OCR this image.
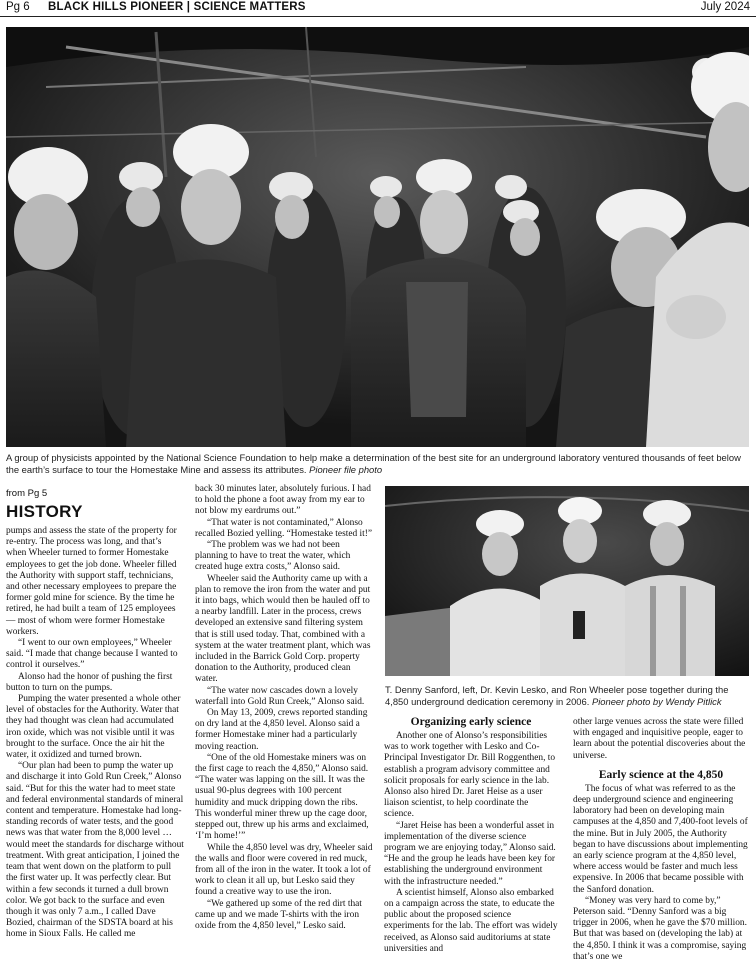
Pg 6 BLACK HILLS PIONEER | SCIENCE MATTERS	July 2024
A group of physicists appointed by the National Science Foundation to help make a determination of the best site for an underground laboratory ventured thousands of feet below the earth’s surface to tour the Homestake Mine and assess its attributes. Pioneer file photo

from Pg 5

HISTORY

pumps and assess the state of the property for re-entry. The process was long, and that’s when Wheeler turned to former Homestake employees to get the job done. Wheeler filled the Authority with support staff, technicians, and other necessary employees to prepare the former gold mine for science. By the time he retired, he had built a team of 125 employees — most of whom were former Homestake workers.

“I went to our own employees,” Wheeler said. “I made that change because I wanted to control it ourselves.”

Alonso had the honor of pushing the first button to turn on the pumps.

Pumping the water presented a whole other level of obstacles for the Authority. Water that they had thought was clean had accumulated iron oxide, which was not visible until it was brought to the surface. Once the air hit the water, it oxidized and turned brown.

“Our plan had been to pump the water up and discharge it into Gold Run Creek,” Alonso said. “But for this the water had to meet state and federal environmental standards of mineral content and temperature. Homestake had long-standing records of water tests, and the good news was that water from the 8,000 level … would meet the standards for discharge without treatment. With great anticipation, I joined the team that went down on the platform to pull the first water up. It was perfectly clear. But within a few seconds it turned a dull brown color. We got back to the surface and even though it was only 7 a.m., I called Dave Bozied, chairman of the SDSTA board at his home in Sioux Falls. He called me

back 30 minutes later, absolutely furious. I had to hold the phone a foot away from my ear to not blow my eardrums out.”

“That water is not contaminated,” Alonso recalled Bozied yelling. “Homestake tested it!”

“The problem was we had not been planning to have to treat the water, which created huge extra costs,” Alonso said.

Wheeler said the Authority came up with a plan to remove the iron from the water and put it into bags, which would then be hauled off to a nearby landfill. Later in the process, crews developed an extensive sand filtering system that is still used today. That, combined with a system at the water treatment plant, which was included in the Barrick Gold Corp. property donation to the Authority, produced clean water.

“The water now cascades down a lovely waterfall into Gold Run Creek,” Alonso said.

On May 13, 2009, crews reported standing on dry land at the 4,850 level. Alonso said a former Homestake miner had a particularly moving reaction.

“One of the old Homestake miners was on the first cage to reach the 4,850,” Alonso said. “The water was lapping on the sill. It was the usual 90-plus degrees with 100 percent humidity and muck dripping down the ribs. This wonderful miner threw up the cage door, stepped out, threw up his arms and exclaimed, ‘I’m home!’”

While the 4,850 level was dry, Wheeler said the walls and floor were covered in red muck, from all of the iron in the water. It took a lot of work to clean it all up, but Lesko said they found a creative way to use the iron.

“We gathered up some of the red dirt that came up and we made T-shirts with the iron oxide from the 4,850 level,” Lesko said.

T. Denny Sanford, left, Dr. Kevin Lesko, and Ron Wheeler pose together during the 4,850 underground dedication ceremony in 2006. Pioneer photo by Wendy Pitlick
Organizing early science

Another one of Alonso’s responsibilities was to work together with Lesko and Co-Principal Investigator Dr. Bill Roggenthen, to establish a program advisory committee and solicit proposals for early science in the lab. Alonso also hired Dr. Jaret Heise as a user liaison scientist, to help coordinate the science.

“Jaret Heise has been a wonderful asset in implementation of the diverse science program we are enjoying today,” Alonso said. “He and the group he leads have been key for establishing the underground environment with the infrastructure needed.”

A scientist himself, Alonso also embarked on a campaign across the state, to educate the public about the proposed science experiments for the lab. The effort was widely received, as Alonso said auditoriums at state universities and

other large venues across the state were filled with engaged and inquisitive people, eager to learn about the potential discoveries about the universe.

Early science at the 4,850

The focus of what was referred to as the deep underground science and engineering laboratory had been on developing main campuses at the 4,850 and 7,400-foot levels of the mine. But in July 2005, the Authority began to have discussions about implementing an early science program at the 4,850 level, where access would be faster and much less expensive. In 2006 that became possible with the Sanford donation.

“Money was very hard to come by,” Peterson said. “Denny Sanford was a big trigger in 2006, when he gave the $70 million. But that was based on (developing the lab) at the 4,850. I think it was a compromise, saying that’s one we
